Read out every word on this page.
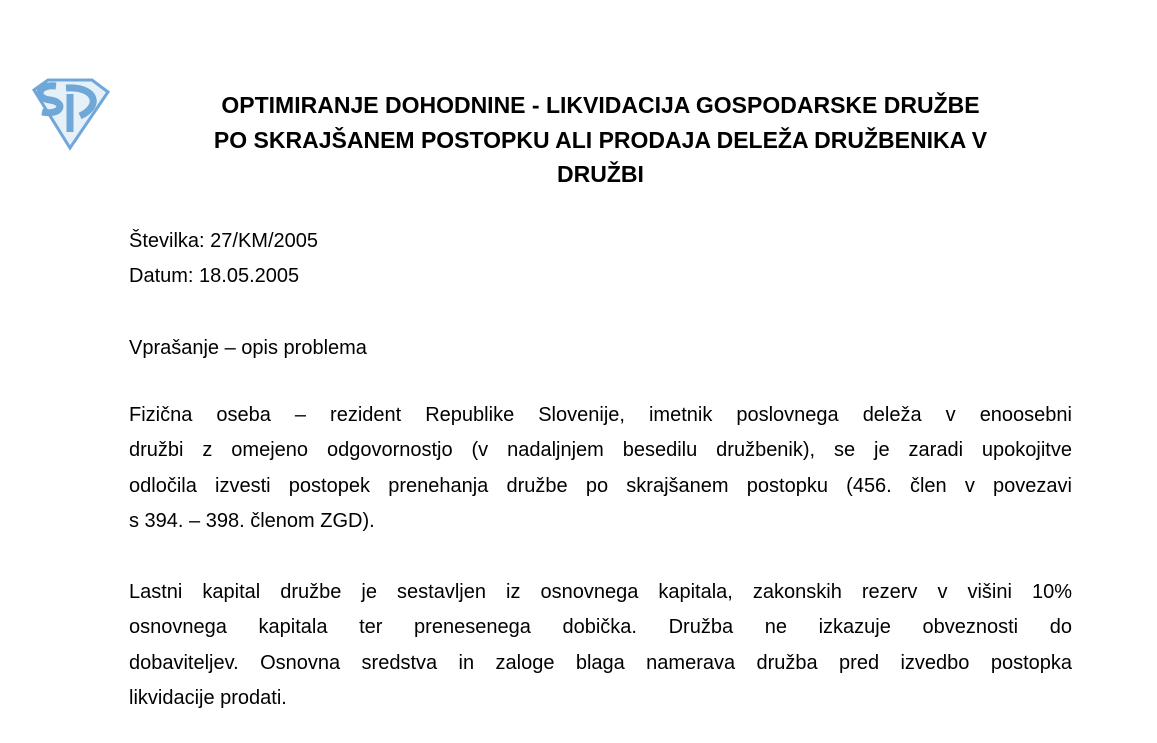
OPTIMIRANJE DOHODNINE - LIKVIDACIJA GOSPODARSKE DRUŽBE
PO SKRAJŠANEM POSTOPKU ALI PRODAJA DELEŽA DRUŽBENIKA V
DRUŽBI
Številka: 27/KM/2005
Datum: 18.05.2005
Vprašanje – opis problema
Fizična oseba – rezident Republike Slovenije, imetnik poslovnega deleža v enoosebni
družbi z omejeno odgovornostjo (v nadaljnjem besedilu družbenik), se je zaradi upokojitve
odločila izvesti postopek prenehanja družbe po skrajšanem postopku (456. člen v povezavi
s 394. – 398. členom ZGD).
Lastni kapital družbe je sestavljen iz osnovnega kapitala, zakonskih rezerv v višini 10%
osnovnega kapitala ter prenesenega dobička. Družba ne izkazuje obveznosti do
dobaviteljev. Osnovna sredstva in zaloge blaga namerava družba pred izvedbo postopka
likvidacije prodati.
